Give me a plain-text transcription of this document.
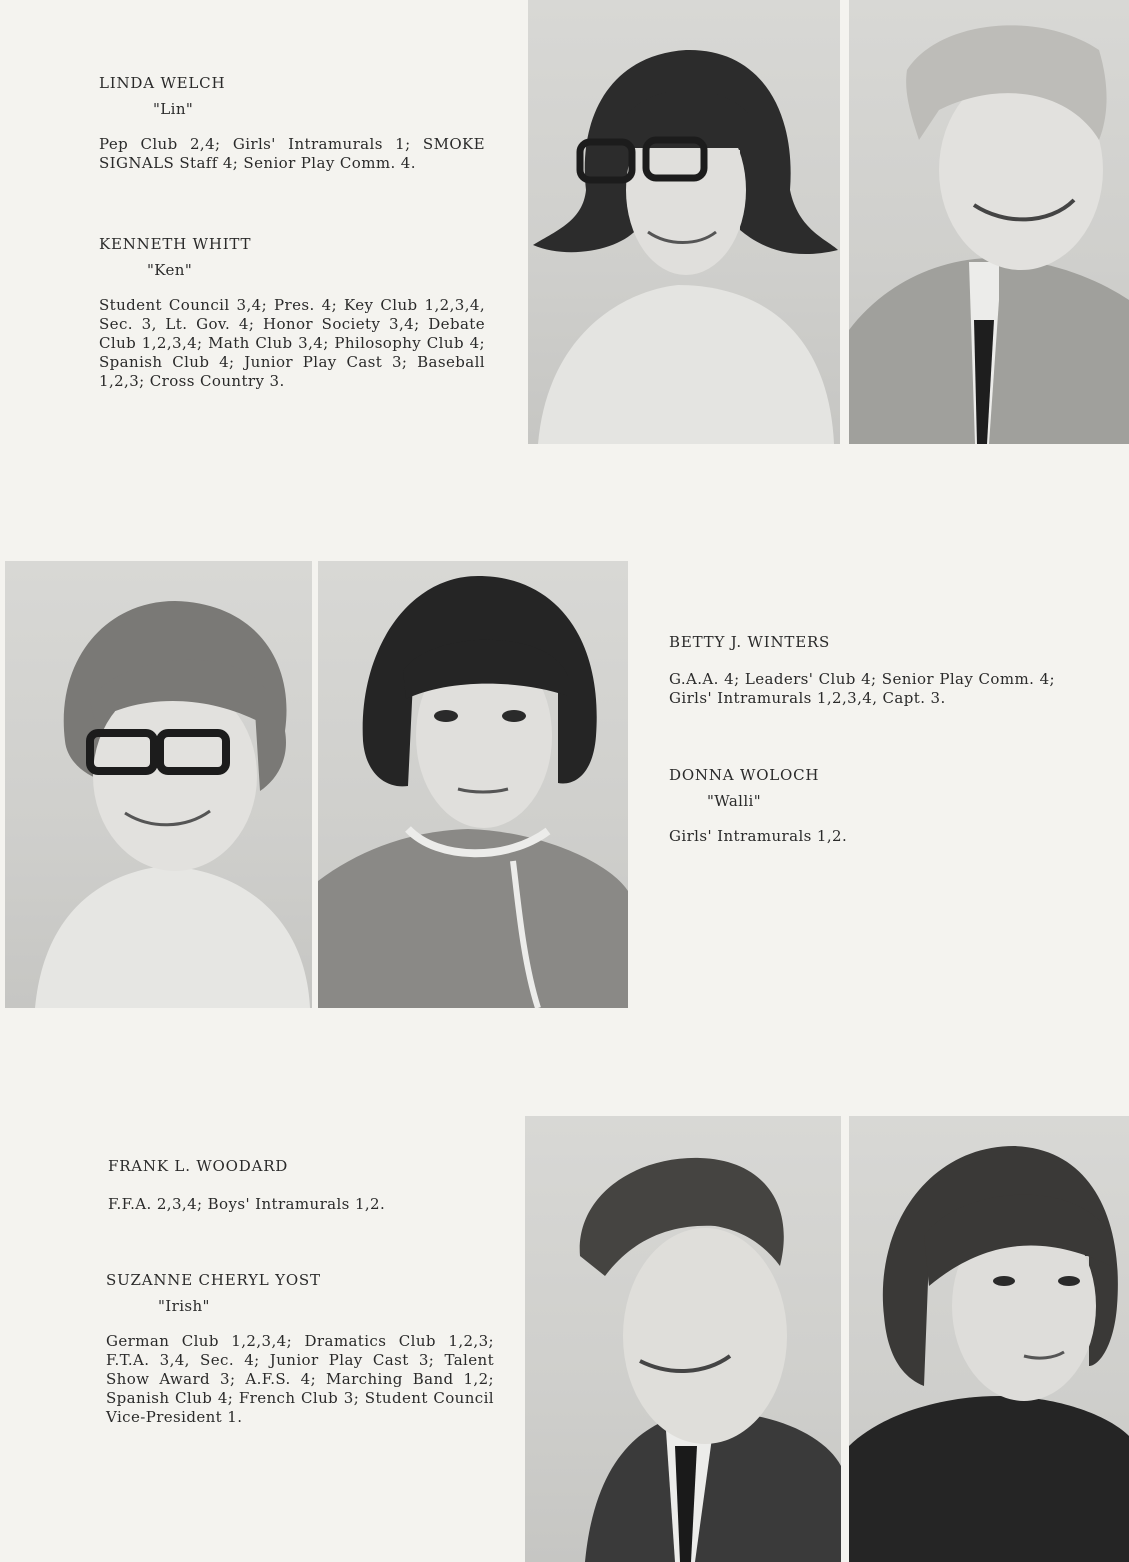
LINDA WELCH

"Lin"

Pep Club 2,4; Girls' Intramurals 1; SMOKE SIGNALS Staff 4; Senior Play Comm. 4.

KENNETH WHITT

"Ken"

Student Council 3,4; Pres. 4; Key Club 1,2,3,4, Sec. 3, Lt. Gov. 4; Honor Society 3,4; Debate Club 1,2,3,4; Math Club 3,4; Philosophy Club 4; Spanish Club 4; Junior Play Cast 3; Baseball 1,2,3; Cross Country 3.

BETTY J. WINTERS

G.A.A. 4; Leaders' Club 4; Senior Play Comm. 4; Girls' Intramurals 1,2,3,4, Capt. 3.

DONNA WOLOCH

"Walli"

Girls' Intramurals 1,2.

FRANK L. WOODARD

F.F.A. 2,3,4; Boys' Intramurals 1,2.

SUZANNE CHERYL YOST

"Irish"

German Club 1,2,3,4; Dramatics Club 1,2,3; F.T.A. 3,4, Sec. 4; Junior Play Cast 3; Talent Show Award 3; A.F.S. 4; Marching Band 1,2; Spanish Club 4; French Club 3; Student Council Vice-President 1.
